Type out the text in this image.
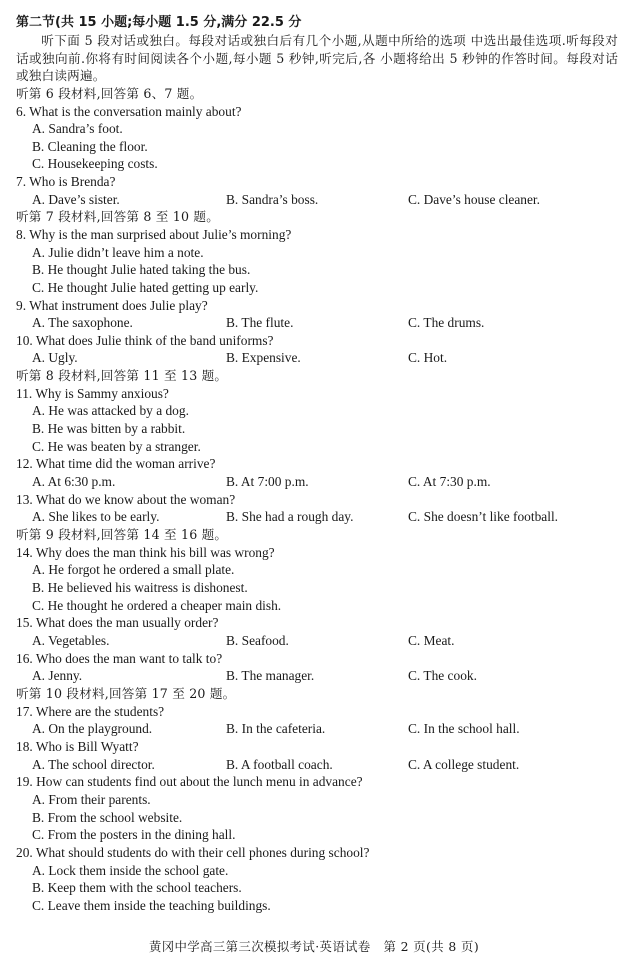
第二节(共 15 小题;每小题 1.5 分,满分 22.5 分
听下面 5 段对话或独白。每段对话或独白后有几个小题,从题中所给的选项 中选出最佳选项.听每段对话或独向前.你将有时间阅读各个小题,每小题 5 秒钟,听完后,各 小题将给出 5 秒钟的作答时间。每段对话或独白读两遍。
听第 6 段材料,回答第 6、7 题。
6. What is the conversation mainly about?
A. Sandra’s foot.
B. Cleaning the floor.
C. Housekeeping costs.
7. Who is Brenda?
A. Dave’s sister.	B. Sandra’s boss.	C. Dave’s house cleaner.
听第 7 段材料,回答第 8 至 10 题。
8. Why is the man surprised about Julie’s morning?
A. Julie didn’t leave him a note.
B. He thought Julie hated taking the bus.
C. He thought Julie hated getting up early.
9. What instrument does Julie play?
A. The saxophone.	B. The flute.	C. The drums.
10. What does Julie think of the band uniforms?
A. Ugly.	B. Expensive.	C. Hot.
听第 8 段材料,回答第 11 至 13 题。
11. Why is Sammy anxious?
A. He was attacked by a dog.
B. He was bitten by a rabbit.
C. He was beaten by a stranger.
12. What time did the woman arrive?
A. At 6:30 p.m.	B. At 7:00 p.m.	C. At 7:30 p.m.
13. What do we know about the woman?
A. She likes to be early.	B. She had a rough day.	C. She doesn’t like football.
听第 9 段材料,回答第 14 至 16 题。
14. Why does the man think his bill was wrong?
A. He forgot he ordered a small plate.
B. He believed his waitress is dishonest.
C. He thought he ordered a cheaper main dish.
15. What does the man usually order?
A. Vegetables.	B. Seafood.	C. Meat.
16. Who does the man want to talk to?
A. Jenny.	B. The manager.	C. The cook.
听第 10 段材料,回答第 17 至 20 题。
17. Where are the students?
A. On the playground.	B. In the cafeteria.	C. In the school hall.
18. Who is Bill Wyatt?
A. The school director.	B. A football coach.	C. A college student.
19. How can students find out about the lunch menu in advance?
A. From their parents.
B. From the school website.
C. From the posters in the dining hall.
20. What should students do with their cell phones during school?
A. Lock them inside the school gate.
B. Keep them with the school teachers.
C. Leave them inside the teaching buildings.
黄冈中学高三第三次模拟考试·英语试卷　第 2 页(共 8 页)
